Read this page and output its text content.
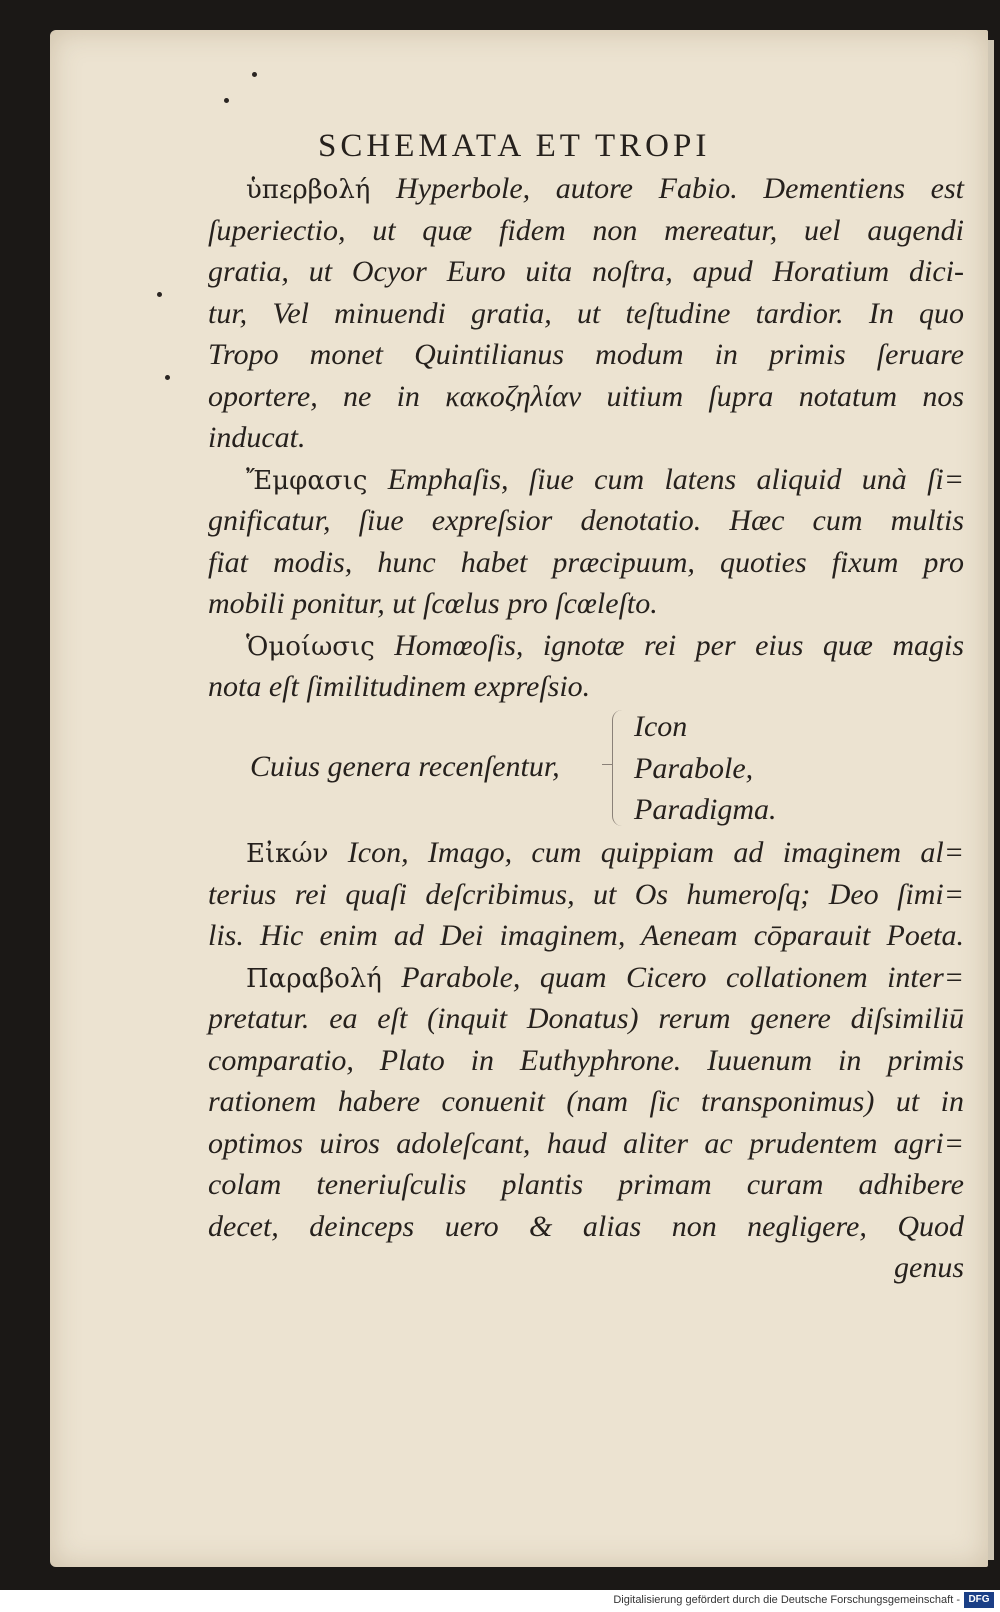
SCHEMATA ET TROPI
ὑπερβολή Hyperbole, autore Fabio. Dementiens est
ſuperiectio, ut quæ fidem non mereatur, uel augendi
gratia, ut Ocyor Euro uita noſtra, apud Horatium dici-
tur, Vel minuendi gratia, ut teſtudine tardior. In quo
Tropo monet Quintilianus modum in primis ſeruare
oportere, ne in κακοζηλίαν uitium ſupra notatum nos
inducat.
Ἔμφασις Emphaſis, ſiue cum latens aliquid unà ſi=
gnificatur, ſiue expreſsior denotatio. Hæc cum multis
fiat modis, hunc habet præcipuum, quoties fixum pro
mobili ponitur, ut ſcœlus pro ſcœleſto.
Ὁμοίωσις Homœoſis, ignotæ rei per eius quæ magis
nota eſt ſimilitudinem expreſsio.
Εἰκών Icon, Imago, cum quippiam ad imaginem al=
terius rei quaſi deſcribimus, ut Os humeroſq; Deo ſimi=
lis. Hic enim ad Dei imaginem, Aeneam cōparauit Poeta.
Παραβολή Parabole, quam Cicero collationem inter=
pretatur. ea eſt (inquit Donatus) rerum genere diſsimiliū
comparatio, Plato in Euthyphrone. Iuuenum in primis
rationem habere conuenit (nam ſic transponimus) ut in
optimos uiros adoleſcant, haud aliter ac prudentem agri=
colam teneriuſculis plantis primam curam adhibere
decet, deinceps uero & alias non negligere, Quod
genus
Cuius genera recenſentur,
Icon
Parabole,
Paradigma.
Digitalisierung gefördert durch die Deutsche Forschungsgemeinschaft - DFG
